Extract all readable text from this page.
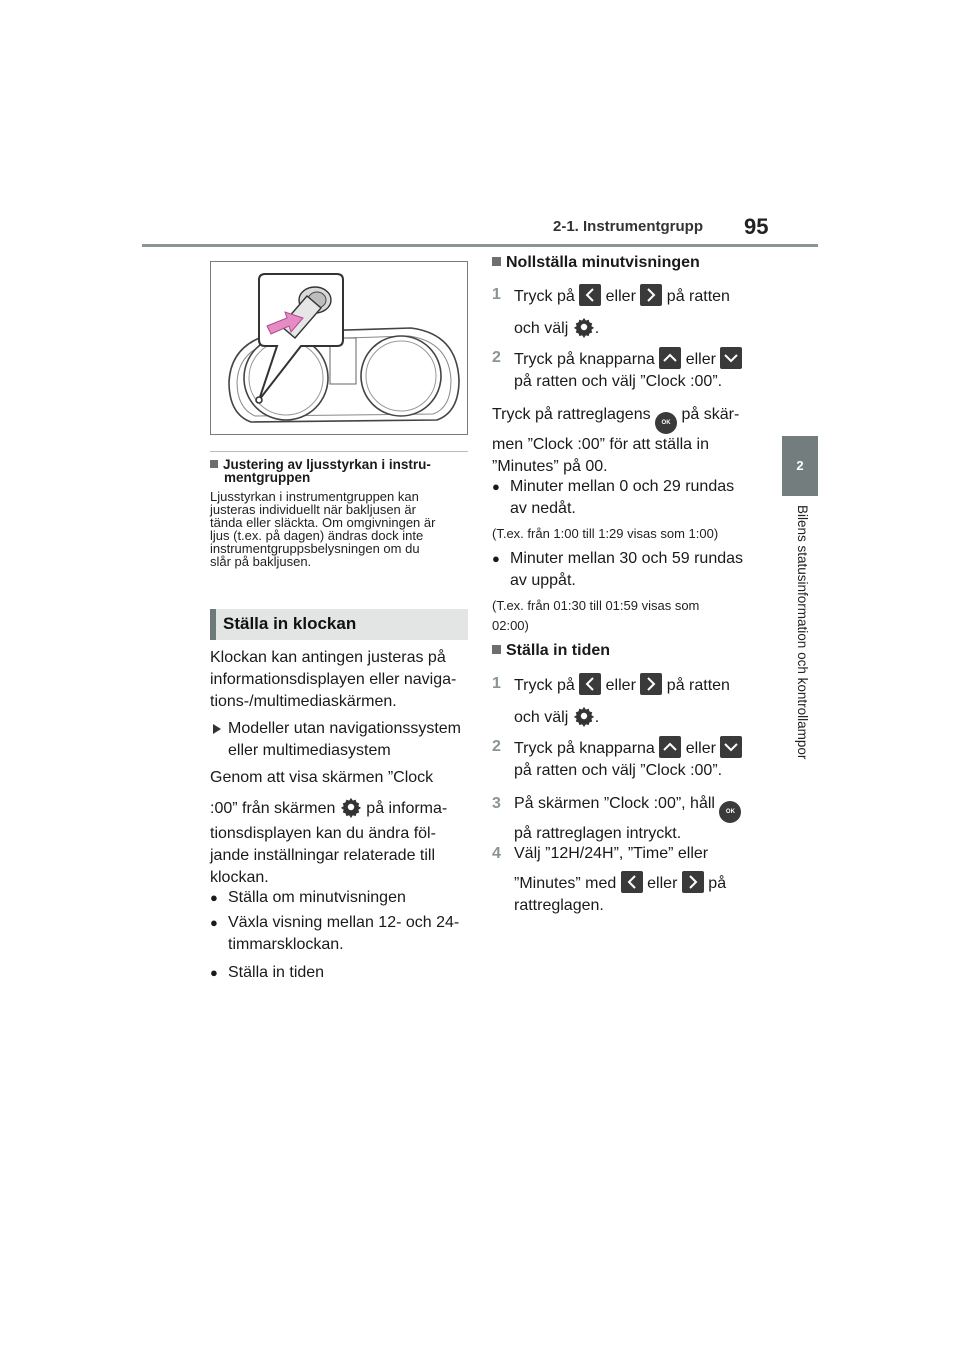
2-1. Instrumentgrupp 95
2
Bilens statusinformation och kontrollampor
Justering av ljusstyrkan i instru-
mentgruppen
Ljusstyrkan i instrumentgruppen kan
justeras individuellt när bakljusen är
tända eller släckta. Om omgivningen är
ljus (t.ex. på dagen) ändras dock inte
instrumentgruppsbelysningen om du
slår på bakljusen.
Ställa in klockan
Klockan kan antingen justeras på
informationsdisplayen eller naviga-
tions-/multimediaskärmen.
Modeller utan navigationssystem
eller multimediasystem
Genom att visa skärmen ”Clock
:00” från skärmen på informa-
tionsdisplayen kan du ändra föl-
jande inställningar relaterade till
klockan.
● Ställa om minutvisningen
● Växla visning mellan 12- och 24-
timmarsklockan.
● Ställa in tiden
Nollställa minutvisningen
1 Tryck på eller på ratten
och välj .
2 Tryck på knapparna eller
på ratten och välj ”Clock :00”.
Tryck på rattreglagens OK på skär-
men ”Clock :00” för att ställa in
”Minutes” på 00.
● Minuter mellan 0 och 29 rundas
av nedåt.
(T.ex. från 1:00 till 1:29 visas som 1:00)
● Minuter mellan 30 och 59 rundas
av uppåt.
(T.ex. från 01:30 till 01:59 visas som
02:00)
Ställa in tiden
1 Tryck på eller på ratten
och välj .
2 Tryck på knapparna eller
på ratten och välj ”Clock :00”.
3 På skärmen ”Clock :00”, håll OK
på rattreglagen intryckt.
4 Välj ”12H/24H”, ”Time” eller
”Minutes” med eller på
rattreglagen.
